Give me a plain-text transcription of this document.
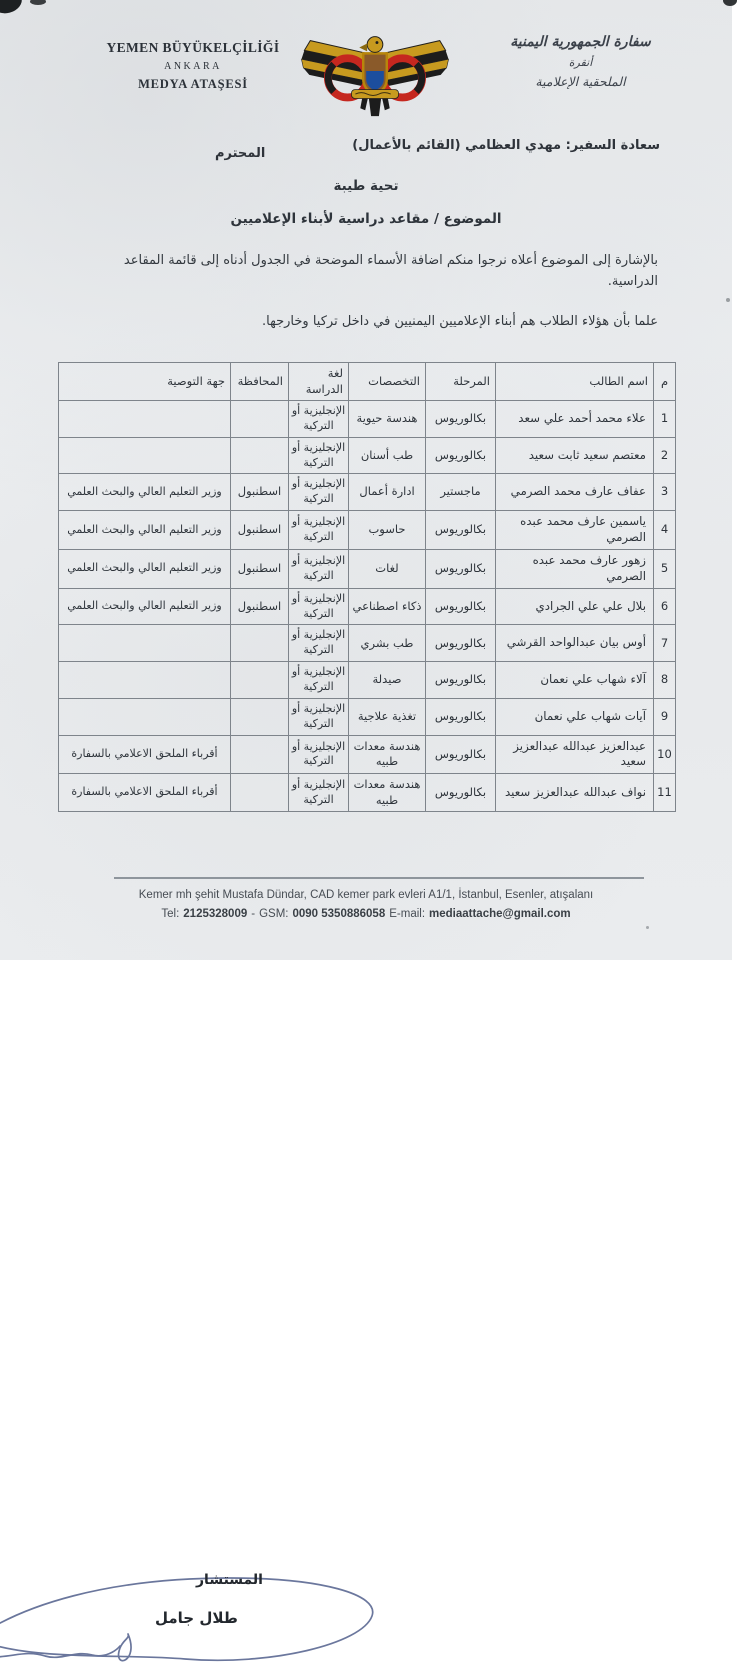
YEMEN BÜYÜKELÇİLİĞİ
ANKARA
MEDYA ATAŞESİ
سفارة الجمهورية اليمنية
أنقرة
الملحقية الإعلامية
سعادة السفير: مهدي العظامي (القائم بالأعمال)
المحترم
تحية طيبة
الموضوع / مقاعد دراسية لأبناء الإعلاميين
بالإشارة إلى الموضوع أعلاه نرجوا منكم اضافة الأسماء الموضحة في الجدول أدناه إلى قائمة المقاعد الدراسية.
علما بأن هؤلاء الطلاب هم أبناء الإعلاميين اليمنيين في داخل تركيا وخارجها.
م	اسم الطالب	المرحلة	التخصصات	لغة الدراسة	المحافظة	جهة التوصية
1	علاء محمد أحمد علي سعد	بكالوريوس	هندسة حيوية	الإنجليزية أو التركية		
2	معتصم سعيد ثابت سعيد	بكالوريوس	طب أسنان	الإنجليزية أو التركية		
3	عفاف عارف محمد الصرمي	ماجستير	ادارة أعمال	الإنجليزية أو التركية	اسطنبول	وزير التعليم العالي والبحث العلمي
4	ياسمين عارف محمد عبده الصرمي	بكالوريوس	حاسوب	الإنجليزية أو التركية	اسطنبول	وزير التعليم العالي والبحث العلمي
5	زهور عارف محمد عبده الصرمي	بكالوريوس	لغات	الإنجليزية أو التركية	اسطنبول	وزير التعليم العالي والبحث العلمي
6	بلال علي علي الجرادي	بكالوريوس	ذكاء اصطناعي	الإنجليزية أو التركية	اسطنبول	وزير التعليم العالي والبحث العلمي
7	أوس بيان عبدالواحد القرشي	بكالوريوس	طب بشري	الإنجليزية أو التركية		
8	آلاء شهاب علي نعمان	بكالوريوس	صيدلة	الإنجليزية أو التركية		
9	آيات شهاب علي نعمان	بكالوريوس	تغذية علاجية	الإنجليزية أو التركية		
10	عبدالعزيز عبدالله عبدالعزيز سعيد	بكالوريوس	هندسة معدات طبيه	الإنجليزية أو التركية		أقرباء الملحق الاعلامي بالسفارة
11	نواف عبدالله عبدالعزيز سعيد	بكالوريوس	هندسة معدات طبيه	الإنجليزية أو التركية		أقرباء الملحق الاعلامي بالسفارة
المستشار
طلال جامل
Kemer mh şehit Mustafa Dündar, CAD kemer park evleri A1/1, İstanbul, Esenler, atışalanı
Tel: 2125328009 - GSM: 0090 5350886058 E-mail: mediaattache@gmail.com
